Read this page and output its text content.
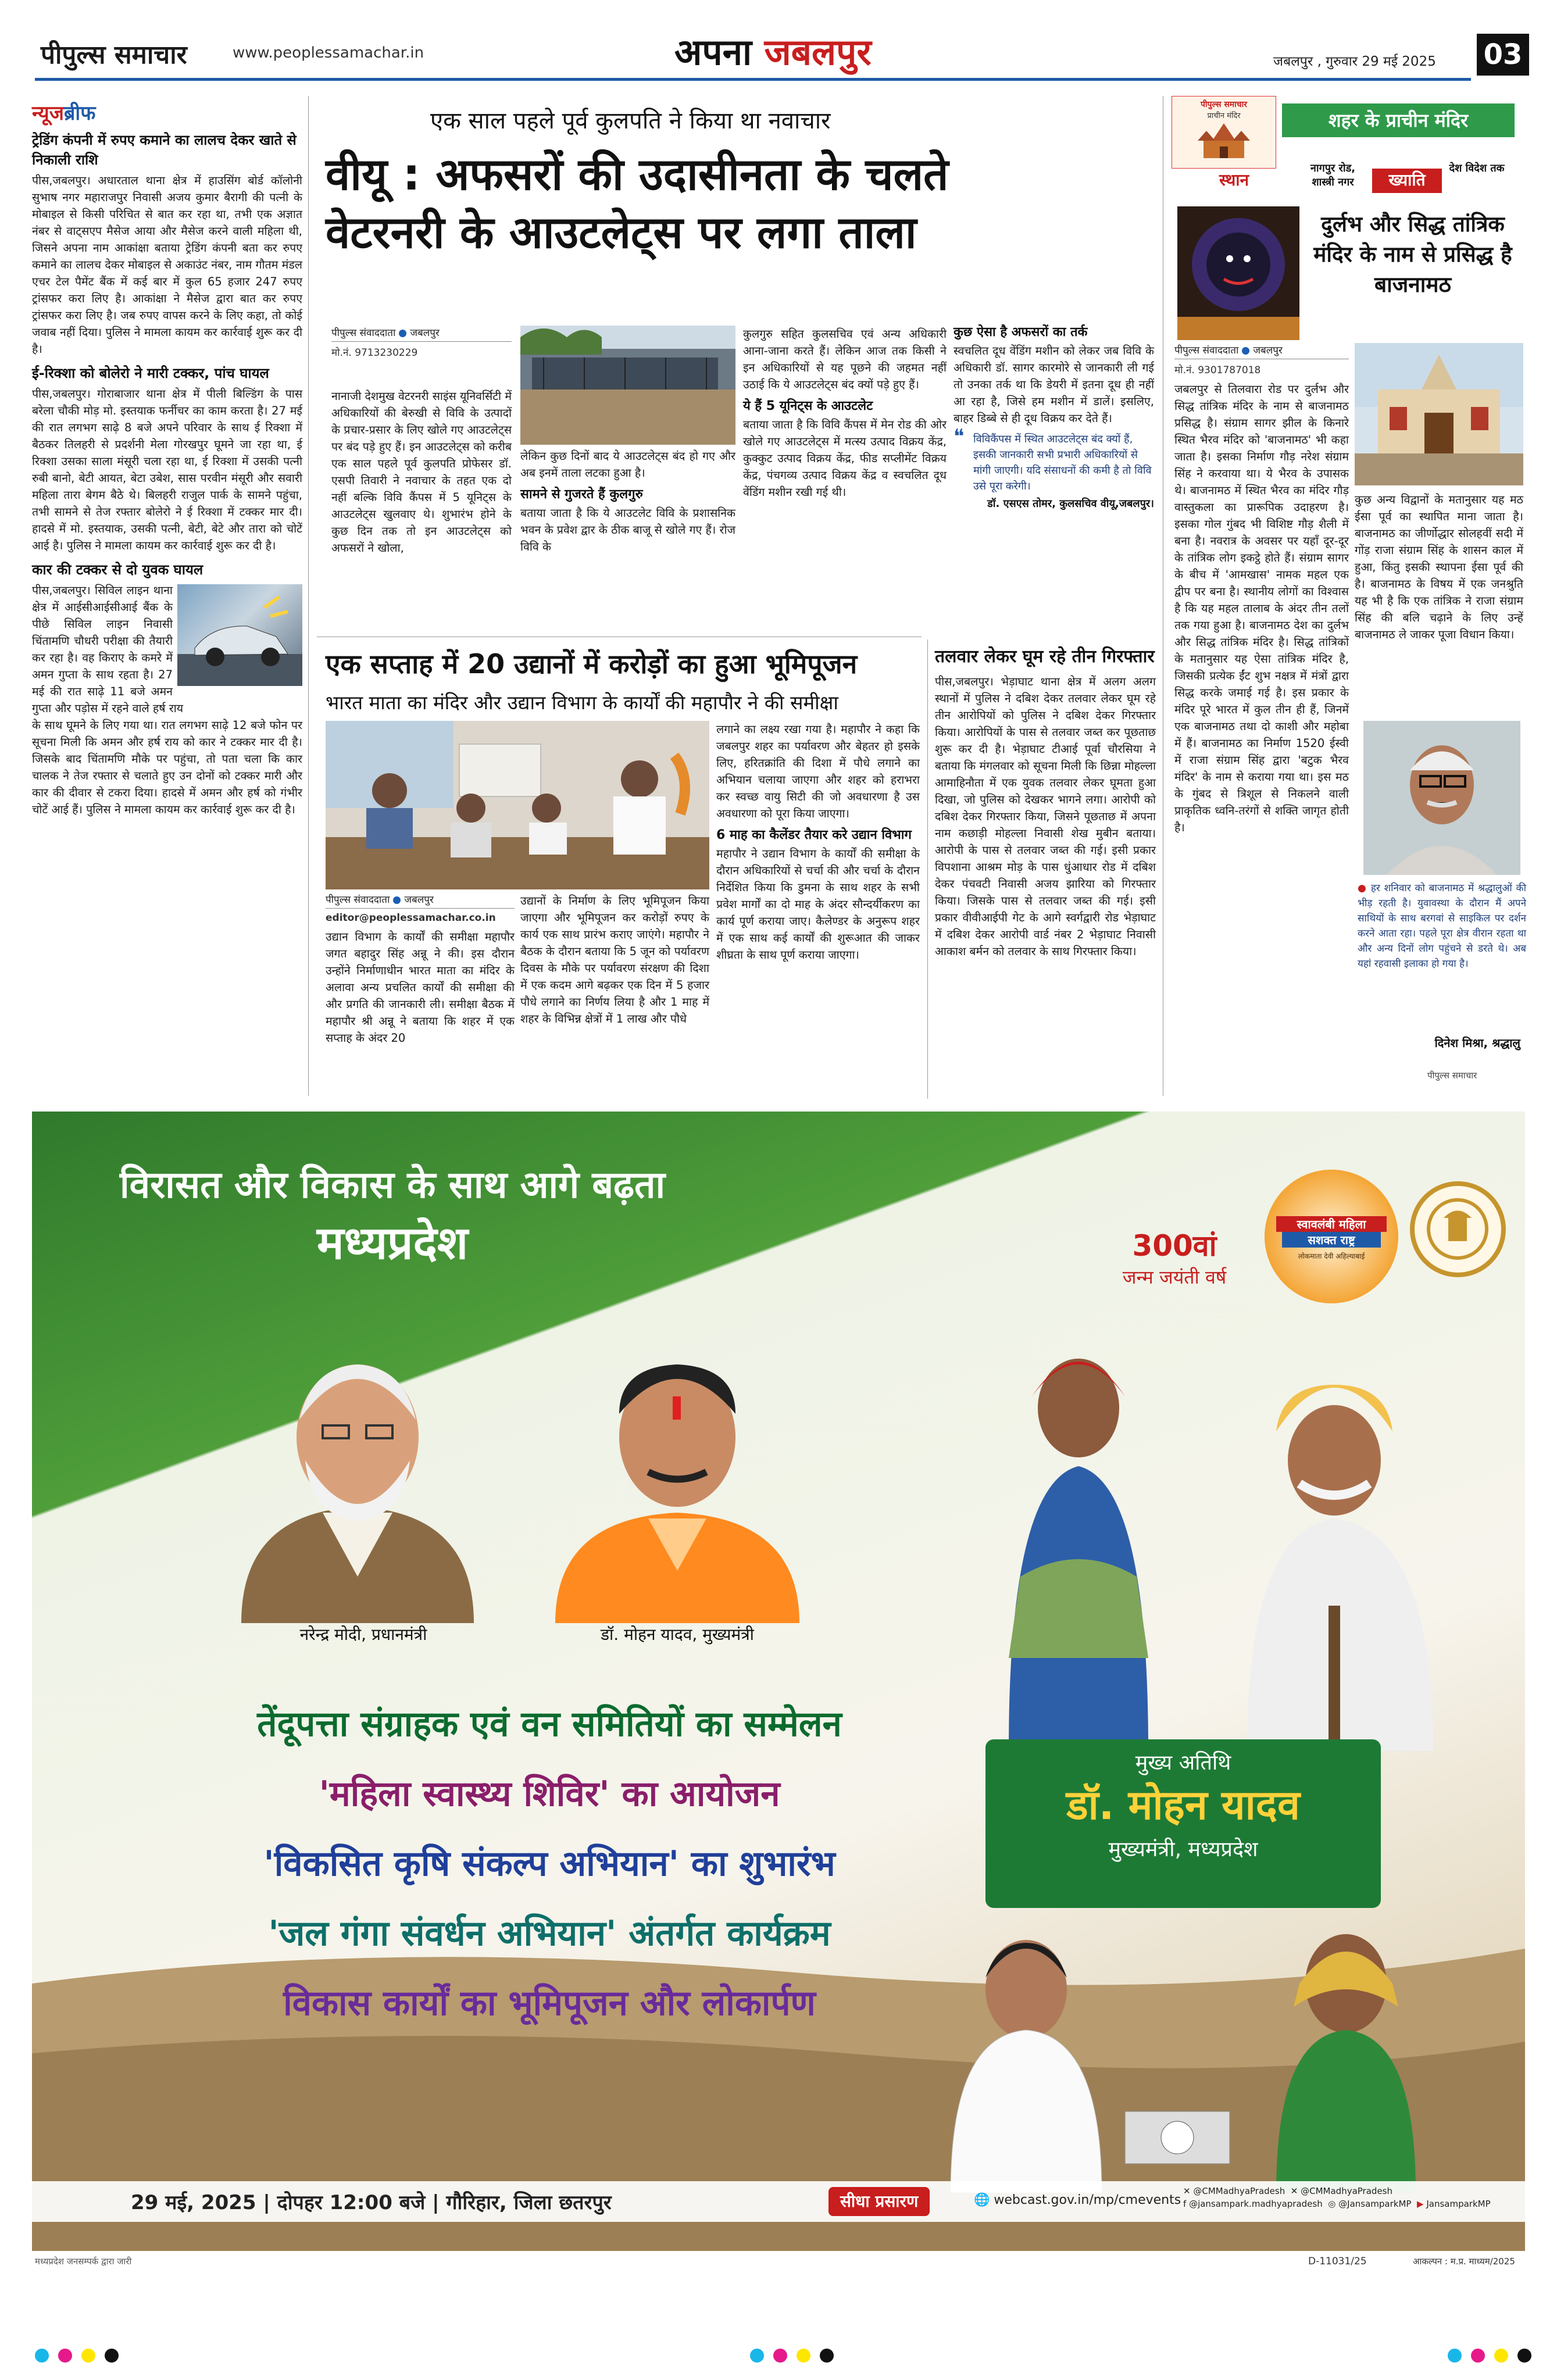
पीपुल्स समाचार	www.peoplessamachar.in	अपना जबलपुर	जबलपुर , गुरुवार 29 मई 2025 03
न्यूजब्रीफ
ट्रेडिंग कंपनी में रुपए कमाने का लालच देकर खाते से निकाली राशि

पीस,जबलपुर। अधारताल थाना क्षेत्र में हाउसिंग बोर्ड कॉलोनी सुभाष नगर महाराजपुर निवासी अजय कुमार बैरागी की पत्नी के मोबाइल से किसी परिचित से बात कर रहा था, तभी एक अज्ञात नंबर से वाट्सएप मैसेज आया और मैसेज करने वाली महिला थी, जिसने अपना नाम आकांक्षा बताया ट्रेडिंग कंपनी बता कर रुपए कमाने का लालच देकर मोबाइल से अकाउंट नंबर, नाम गौतम मंडल एचर टेल पैमेंट बैंक में कई बार में कुल 65 हजार 247 रुपए ट्रांसफर करा लिए है। आकांक्षा ने मैसेज द्वारा बात कर रुपए ट्रांसफर करा लिए है। जब रुपए वापस करने के लिए कहा, तो कोई जवाब नहीं दिया। पुलिस ने मामला कायम कर कार्रवाई शुरू कर दी है।

ई-रिक्शा को बोलेरो ने मारी टक्कर, पांच घायल

पीस,जबलपुर। गोराबाजार थाना क्षेत्र में पीली बिल्डिंग के पास बरेला चौकी मोड़ मो. इस्तयाक फर्नीचर का काम करता है। 27 मई की रात लगभग साढ़े 8 बजे अपने परिवार के साथ ई रिक्शा में बैठकर तिलहरी से प्रदर्शनी मेला गोरखपुर घूमने जा रहा था, ई रिक्शा उसका साला मंसूरी चला रहा था, ई रिक्शा में उसकी पत्नी रुबी बानो, बेटी आयत, बेटा उबेश, सास परवीन मंसूरी और सवारी महिला तारा बेगम बैठे थे। बिलहरी राजुल पार्क के सामने पहुंचा, तभी सामने से तेज रफ्तार बोलेरो ने ई रिक्शा में टक्कर मार दी। हादसे में मो. इस्तयाक, उसकी पत्नी, बेटी, बेटे और तारा को चोटें आई है। पुलिस ने मामला कायम कर कार्रवाई शुरू कर दी है।

कार की टक्कर से दो युवक घायल

पीस,जबलपुर। सिविल लाइन थाना क्षेत्र में आईसीआईसीआई बैंक के पीछे सिविल लाइन निवासी चिंतामणि चौधरी परीक्षा की तैयारी कर रहा है। वह किराए के कमरे में अमन गुप्ता के साथ रहता है। 27 मई की रात साढ़े 11 बजे अमन गुप्ता और पड़ोस में रहने वाले हर्ष राय

के साथ घूमने के लिए गया था। रात लगभग साढ़े 12 बजे फोन पर सूचना मिली कि अमन और हर्ष राय को कार ने टक्कर मार दी है। जिसके बाद चिंतामणि मौके पर पहुंचा, तो पता चला कि कार चालक ने तेज रफ्तार से चलाते हुए उन दोनों को टक्कर मारी और कार की दीवार से टकरा दिया। हादसे में अमन और हर्ष को गंभीर चोटें आई हैं। पुलिस ने मामला कायम कर कार्रवाई शुरू कर दी है।

एक साल पहले पूर्व कुलपति ने किया था नवाचार
वीयू : अफसरों की उदासीनता के चलते
वेटरनरी के आउटलेट्स पर लगा ताला
पीपुल्स संवाददाता जबलपुर
मो.नं. 9713230229

नानाजी देशमुख वेटरनरी साइंस यूनिवर्सिटी में अधिकारियों की बेरुखी से विवि के उत्पादों के प्रचार-प्रसार के लिए खोले गए आउटलेट्स पर बंद पड़े हुए हैं। इन आउटलेट्स को करीब एक साल पहले पूर्व कुलपति प्रोफेसर डॉ. एसपी तिवारी ने नवाचार के तहत एक दो नहीं बल्कि विवि कैंपस में 5 यूनिट्स के आउटलेट्स खुलवाए थे। शुभारंभ होने के कुछ दिन तक तो इन आउटलेट्स को अफसरों ने खोला,

लेकिन कुछ दिनों बाद ये आउटलेट्स बंद हो गए और अब इनमें ताला लटका हुआ है।

सामने से गुजरते हैं कुलगुरु

बताया जाता है कि ये आउटलेट विवि के प्रशासनिक भवन के प्रवेश द्वार के ठीक बाजू से खोले गए हैं। रोज विवि के

कुलगुरु सहित कुलसचिव एवं अन्य अधिकारी आना-जाना करते हैं। लेकिन आज तक किसी ने इन अधिकारियों से यह पूछने की जहमत नहीं उठाई कि ये आउटलेट्स बंद क्यों पड़े हुए हैं।

ये हैं 5 यूनिट्स के आउटलेट

बताया जाता है कि विवि कैंपस में मेन रोड की ओर खोले गए आउटलेट्स में मत्स्य उत्पाद विक्रय केंद्र, कुक्कुट उत्पाद विक्रय केंद्र, फीड सप्लीमेंट विक्रय केंद्र, पंचगव्य उत्पाद विक्रय केंद्र व स्वचलित दूध वेंडिंग मशीन रखी गई थी।

कुछ ऐसा है अफसरों का तर्क

स्वचलित दूध वेंडिंग मशीन को लेकर जब विवि के अधिकारी डॉ. सागर कारमोरे से जानकारी ली गई तो उनका तर्क था कि डेयरी में इतना दूध ही नहीं आ रहा है, जिसे हम मशीन में डालें। इसलिए, बाहर डिब्बे से ही दूध विक्रय कर देते हैं।

❝ विविकैंपस में स्थित आउटलेट्स बंद क्यों हैं, इसकी जानकारी सभी प्रभारी अधिकारियों से मांगी जाएगी। यदि संसाधनों की कमी है तो विवि उसे पूरा करेगी।
डॉ. एसएस तोमर, कुलसचिव वीयू,जबलपुर।
एक सप्ताह में 20 उद्यानों में करोड़ों का हुआ भूमिपूजन
भारत माता का मंदिर और उद्यान विभाग के कार्यों की महापौर ने की समीक्षा
पीपुल्स संवाददाता जबलपुर
editor@peoplessamachar.co.in

उद्यान विभाग के कार्यों की समीक्षा महापौर जगत बहादुर सिंह अन्नू ने की। इस दौरान उन्होंने निर्माणाधीन भारत माता का मंदिर के अलावा अन्य प्रचलित कार्यों की समीक्षा की और प्रगति की जानकारी ली। समीक्षा बैठक में महापौर श्री अन्नू ने बताया कि शहर में एक सप्ताह के अंदर 20

उद्यानों के निर्माण के लिए भूमिपूजन किया जाएगा और भूमिपूजन कर करोड़ों रुपए के कार्य एक साथ प्रारंभ कराए जाएंगे। महापौर ने बैठक के दौरान बताया कि 5 जून को पर्यावरण दिवस के मौके पर पर्यावरण संरक्षण की दिशा में एक कदम आगे बढ़कर एक दिन में 5 हजार पौधे लगाने का निर्णय लिया है और 1 माह में शहर के विभिन्न क्षेत्रों में 1 लाख और पौधे

लगाने का लक्ष्य रखा गया है। महापौर ने कहा कि जबलपुर शहर का पर्यावरण और बेहतर हो इसके लिए, हरितक्रांति की दिशा में पौधे लगाने का अभियान चलाया जाएगा और शहर को हराभरा कर स्वच्छ वायु सिटी की जो अवधारणा है उस अवधारणा को पूरा किया जाएगा।

6 माह का कैलेंडर तैयार करे उद्यान विभाग

महापौर ने उद्यान विभाग के कार्यों की समीक्षा के दौरान अधिकारियों से चर्चा की और चर्चा के दौरान निर्देशित किया कि डुमना के साथ शहर के सभी प्रवेश मार्गों का दो माह के अंदर सौन्दर्यीकरण का कार्य पूर्ण कराया जाए। कैलेण्डर के अनुरूप शहर में एक साथ कई कार्यों की शुरूआत की जाकर शीघ्रता के साथ पूर्ण कराया जाएगा।

तलवार लेकर घूम रहे तीन गिरफ्तार

पीस,जबलपुर। भेड़ाघाट थाना क्षेत्र में अलग अलग स्थानों में पुलिस ने दबिश देकर तलवार लेकर घूम रहे तीन आरोपियों को पुलिस ने दबिश देकर गिरफ्तार किया। आरोपियों के पास से तलवार जब्त कर पूछताछ शुरू कर दी है। भेड़ाघाट टीआई पूर्वा चौरसिया ने बताया कि मंगलवार को सूचना मिली कि छिन्ना मोहल्ला आमाहिनौता में एक युवक तलवार लेकर घूमता हुआ दिखा, जो पुलिस को देखकर भागने लगा। आरोपी को दबिश देकर गिरफ्तार किया, जिसने पूछताछ में अपना नाम कछाड़ी मोहल्ला निवासी शेख मुबीन बताया। आरोपी के पास से तलवार जब्त की गई। इसी प्रकार विपशाना आश्रम मोड़ के पास धुंआधार रोड में दबिश देकर पंचवटी निवासी अजय झारिया को गिरफ्तार किया। जिसके पास से तलवार जब्त की गई। इसी प्रकार वीवीआईपी गेट के आगे स्वर्गद्वारी रोड भेड़ाघाट में दबिश देकर आरोपी वार्ड नंबर 2 भेड़ाघाट निवासी आकाश बर्मन को तलवार के साथ गिरफ्तार किया।

पीपुल्स समाचार
प्राचीन मंदिर	शहर के प्राचीन मंदिर
स्थान
नागपुर रोड, शास्त्री नगर	ख्याति
देश विदेश तक
दुर्लभ और सिद्ध तांत्रिक मंदिर के नाम से प्रसिद्ध है बाजनामठ
पीपुल्स संवाददाता जबलपुर
मो.नं. 9301787018

जबलपुर से तिलवारा रोड पर दुर्लभ और सिद्ध तांत्रिक मंदिर के नाम से बाजनामठ प्रसिद्ध है। संग्राम सागर झील के किनारे स्थित भैरव मंदिर को 'बाजनामठ' भी कहा जाता है। इसका निर्माण गौड़ नरेश संग्राम सिंह ने करवाया था। ये भैरव के उपासक थे। बाजनामठ में स्थित भैरव का मंदिर गौड़ वास्तुकला का प्रारूपिक उदाहरण है। इसका गोल गुंबद भी विशिष्ट गौड़ शैली में बना है। नवरात्र के अवसर पर यहाँ दूर-दूर के तांत्रिक लोग इकट्ठे होते हैं। संग्राम सागर के बीच में 'आमखास' नामक महल एक द्वीप पर बना है। स्थानीय लोगों का विश्वास है कि यह महल तालाब के अंदर तीन तलों तक गया हुआ है। बाजनामठ देश का दुर्लभ और सिद्ध तांत्रिक मंदिर है। सिद्ध तांत्रिकों के मतानुसार यह ऐसा तांत्रिक मंदिर है, जिसकी प्रत्येक ईंट शुभ नक्षत्र में मंत्रों द्वारा सिद्ध करके जमाई गई है। इस प्रकार के मंदिर पूरे भारत में कुल तीन ही हैं, जिनमें एक बाजनामठ तथा दो काशी और महोबा में हैं। बाजनामठ का निर्माण 1520 ईस्वी में राजा संग्राम सिंह द्वारा 'बटुक भैरव मंदिर' के नाम से कराया गया था। इस मठ के गुंबद से त्रिशूल से निकलने वाली प्राकृतिक ध्वनि-तरंगों से शक्ति जागृत होती है।

कुछ अन्य विद्वानों के मतानुसार यह मठ ईसा पूर्व का स्थापित माना जाता है। बाजनामठ का जीर्णोद्धार सोलहवीं सदी में गोंड़ राजा संग्राम सिंह के शासन काल में हुआ, किंतु इसकी स्थापना ईसा पूर्व की है। बाजनामठ के विषय में एक जनश्रुति यह भी है कि एक तांत्रिक ने राजा संग्राम सिंह की बलि चढ़ाने के लिए उन्हें बाजनामठ ले जाकर पूजा विधान किया।

● हर शनिवार को बाजनामठ में श्रद्धालुओं की भीड़ रहती है। युवावस्था के दौरान मैं अपने साथियों के साथ बरगवां से साइकिल पर दर्शन करने आता रहा। पहले पूरा क्षेत्र वीरान रहता था और अन्य दिनों लोग पहुंचने से डरते थे। अब यहां रहवासी इलाका हो गया है।
दिनेश मिश्रा, श्रद्धालु
पीपुल्स समाचार
विरासत और विकास के साथ आगे बढ़ता
मध्यप्रदेश	300वां
जन्म जयंती वर्ष
स्वावलंबी महिला
सशक्त राष्ट्र
लोकमाता देवी अहिल्याबाई
नरेन्द्र मोदी, प्रधानमंत्री	डॉ. मोहन यादव, मुख्यमंत्री
तेंदूपत्ता संग्राहक एवं वन समितियों का सम्मेलन
'महिला स्वास्थ्य शिविर' का आयोजन
'विकसित कृषि संकल्प अभियान' का शुभारंभ
'जल गंगा संवर्धन अभियान' अंतर्गत कार्यक्रम
विकास कार्यों का भूमिपूजन और लोकार्पण
मुख्य अतिथि
डॉ. मोहन यादव
मुख्यमंत्री, मध्यप्रदेश
29 मई, 2025 | दोपहर 12:00 बजे | गौरिहार, जिला छतरपुर	सीधा प्रसारण	🌐 webcast.gov.in/mp/cmevents
✕ @CMMadhyaPradesh ✕ @CMMadhyaPradesh
f @jansampark.madhyapradesh ◎ @JansamparkMP ▶ JansamparkMP
मध्यप्रदेश जनसम्पर्क द्वारा जारी	D-11031/25	आकल्पन : म.प्र. माध्यम/2025
